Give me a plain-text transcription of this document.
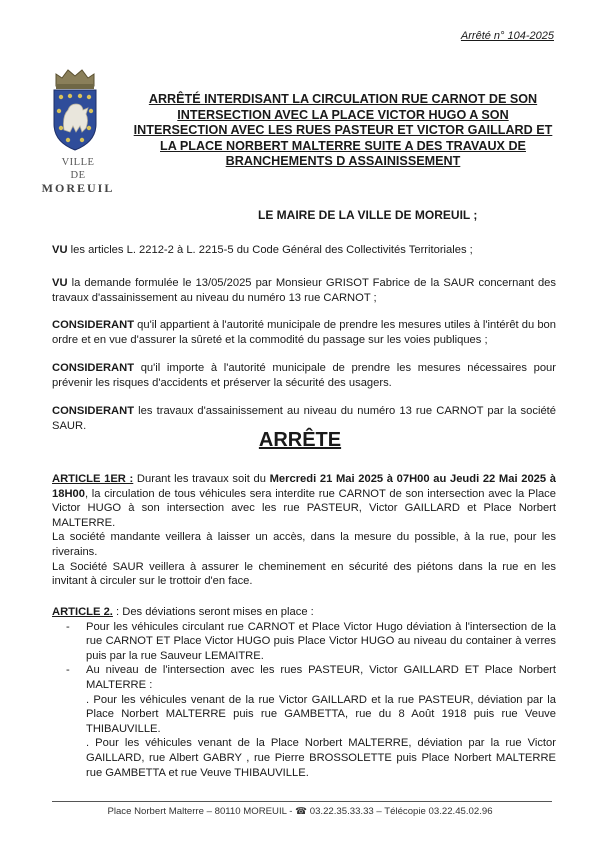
Arrêté n° 104-2025
VILLE
DE
MOREUIL
ARRÊTÉ INTERDISANT LA CIRCULATION RUE CARNOT DE SON INTERSECTION AVEC LA PLACE VICTOR HUGO A SON INTERSECTION AVEC LES RUES PASTEUR ET VICTOR GAILLARD ET LA PLACE NORBERT MALTERRE SUITE A DES TRAVAUX DE BRANCHEMENTS D ASSAINISSEMENT
LE MAIRE DE LA VILLE DE MOREUIL ;
VU les articles L. 2212-2 à L. 2215-5 du Code Général des Collectivités Territoriales ;
VU la demande formulée le 13/05/2025 par Monsieur GRISOT Fabrice de la SAUR concernant des travaux d'assainissement au niveau du numéro 13 rue CARNOT ;
CONSIDERANT qu'il appartient à l'autorité municipale de prendre les mesures utiles à l'intérêt du bon ordre et en vue d'assurer la sûreté et la commodité du passage sur les voies publiques ;
CONSIDERANT qu'il importe à l'autorité municipale de prendre les mesures nécessaires pour prévenir les risques d'accidents et préserver la sécurité des usagers.
CONSIDERANT les travaux d'assainissement au niveau du numéro 13 rue CARNOT par la société SAUR.
ARRÊTE
ARTICLE 1ER : Durant les travaux soit du Mercredi 21 Mai 2025 à 07H00 au Jeudi 22 Mai 2025 à 18H00, la circulation de tous véhicules sera interdite rue CARNOT de son intersection avec la Place Victor HUGO à son intersection avec les rue PASTEUR, Victor GAILLARD et Place Norbert MALTERRE.
La société mandante veillera à laisser un accès, dans la mesure du possible, à la rue, pour les riverains.
La Société SAUR veillera à assurer le cheminement en sécurité des piétons dans la rue en les invitant à circuler sur le trottoir d'en face.
ARTICLE 2. : Des déviations seront mises en place :
- Pour les véhicules circulant rue CARNOT et Place Victor Hugo déviation à l'intersection de la rue CARNOT ET Place Victor HUGO puis Place Victor HUGO au niveau du container à verres puis par la rue Sauveur LEMAITRE.
- Au niveau de l'intersection avec les rues PASTEUR, Victor GAILLARD ET Place Norbert MALTERRE :
. Pour les véhicules venant de la rue Victor GAILLARD et la rue PASTEUR, déviation par la Place Norbert MALTERRE puis rue GAMBETTA, rue du 8 Août 1918 puis rue Veuve THIBAUVILLE.
. Pour les véhicules venant de la Place Norbert MALTERRE, déviation par la rue Victor GAILLARD, rue Albert GABRY , rue Pierre BROSSOLETTE puis Place Norbert MALTERRE rue GAMBETTA et rue Veuve THIBAUVILLE.
Place Norbert Malterre – 80110 MOREUIL - ☎ 03.22.35.33.33 – Télécopie 03.22.45.02.96
